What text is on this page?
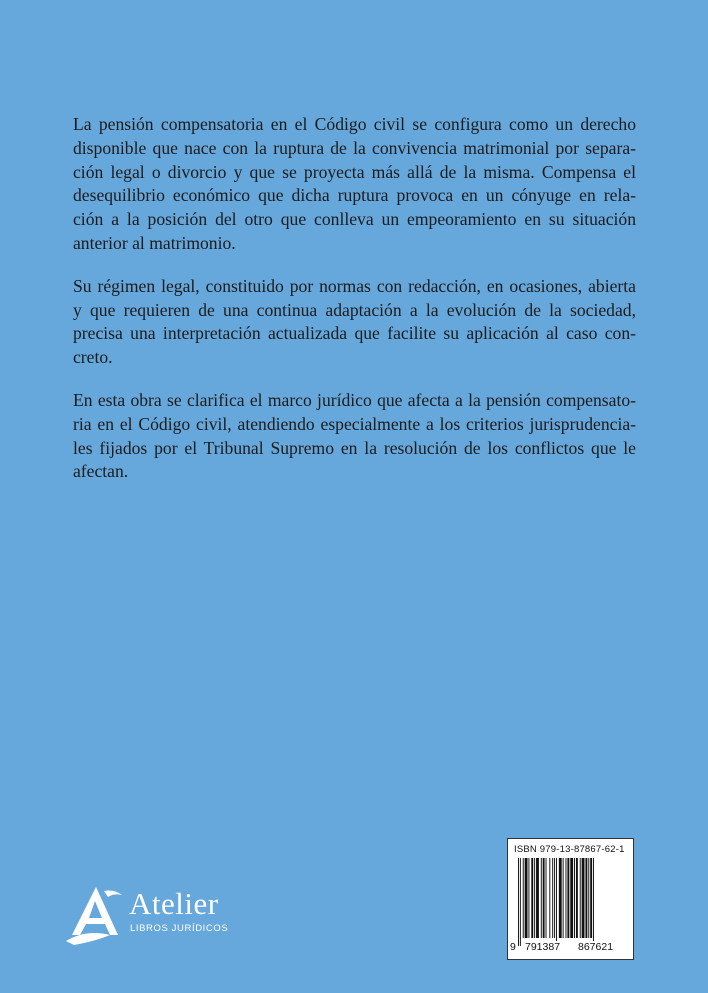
La pensión compensatoria en el Código civil se configura como un derecho
disponible que nace con la ruptura de la convivencia matrimonial por separa-
ción legal o divorcio y que se proyecta más allá de la misma. Compensa el
desequilibrio económico que dicha ruptura provoca en un cónyuge en rela-
ción a la posición del otro que conlleva un empeoramiento en su situación
anterior al matrimonio.

Su régimen legal, constituido por normas con redacción, en ocasiones, abierta
y que requieren de una continua adaptación a la evolución de la sociedad,
precisa una interpretación actualizada que facilite su aplicación al caso con-
creto.

En esta obra se clarifica el marco jurídico que afecta a la pensión compensato-
ria en el Código civil, atendiendo especialmente a los criterios jurisprudencia-
les fijados por el Tribunal Supremo en la resolución de los conflictos que le
afectan.

Atelier
LIBROS JURÍDICOS
ISBN 979-13-87867-62-1
9 791387 867621
